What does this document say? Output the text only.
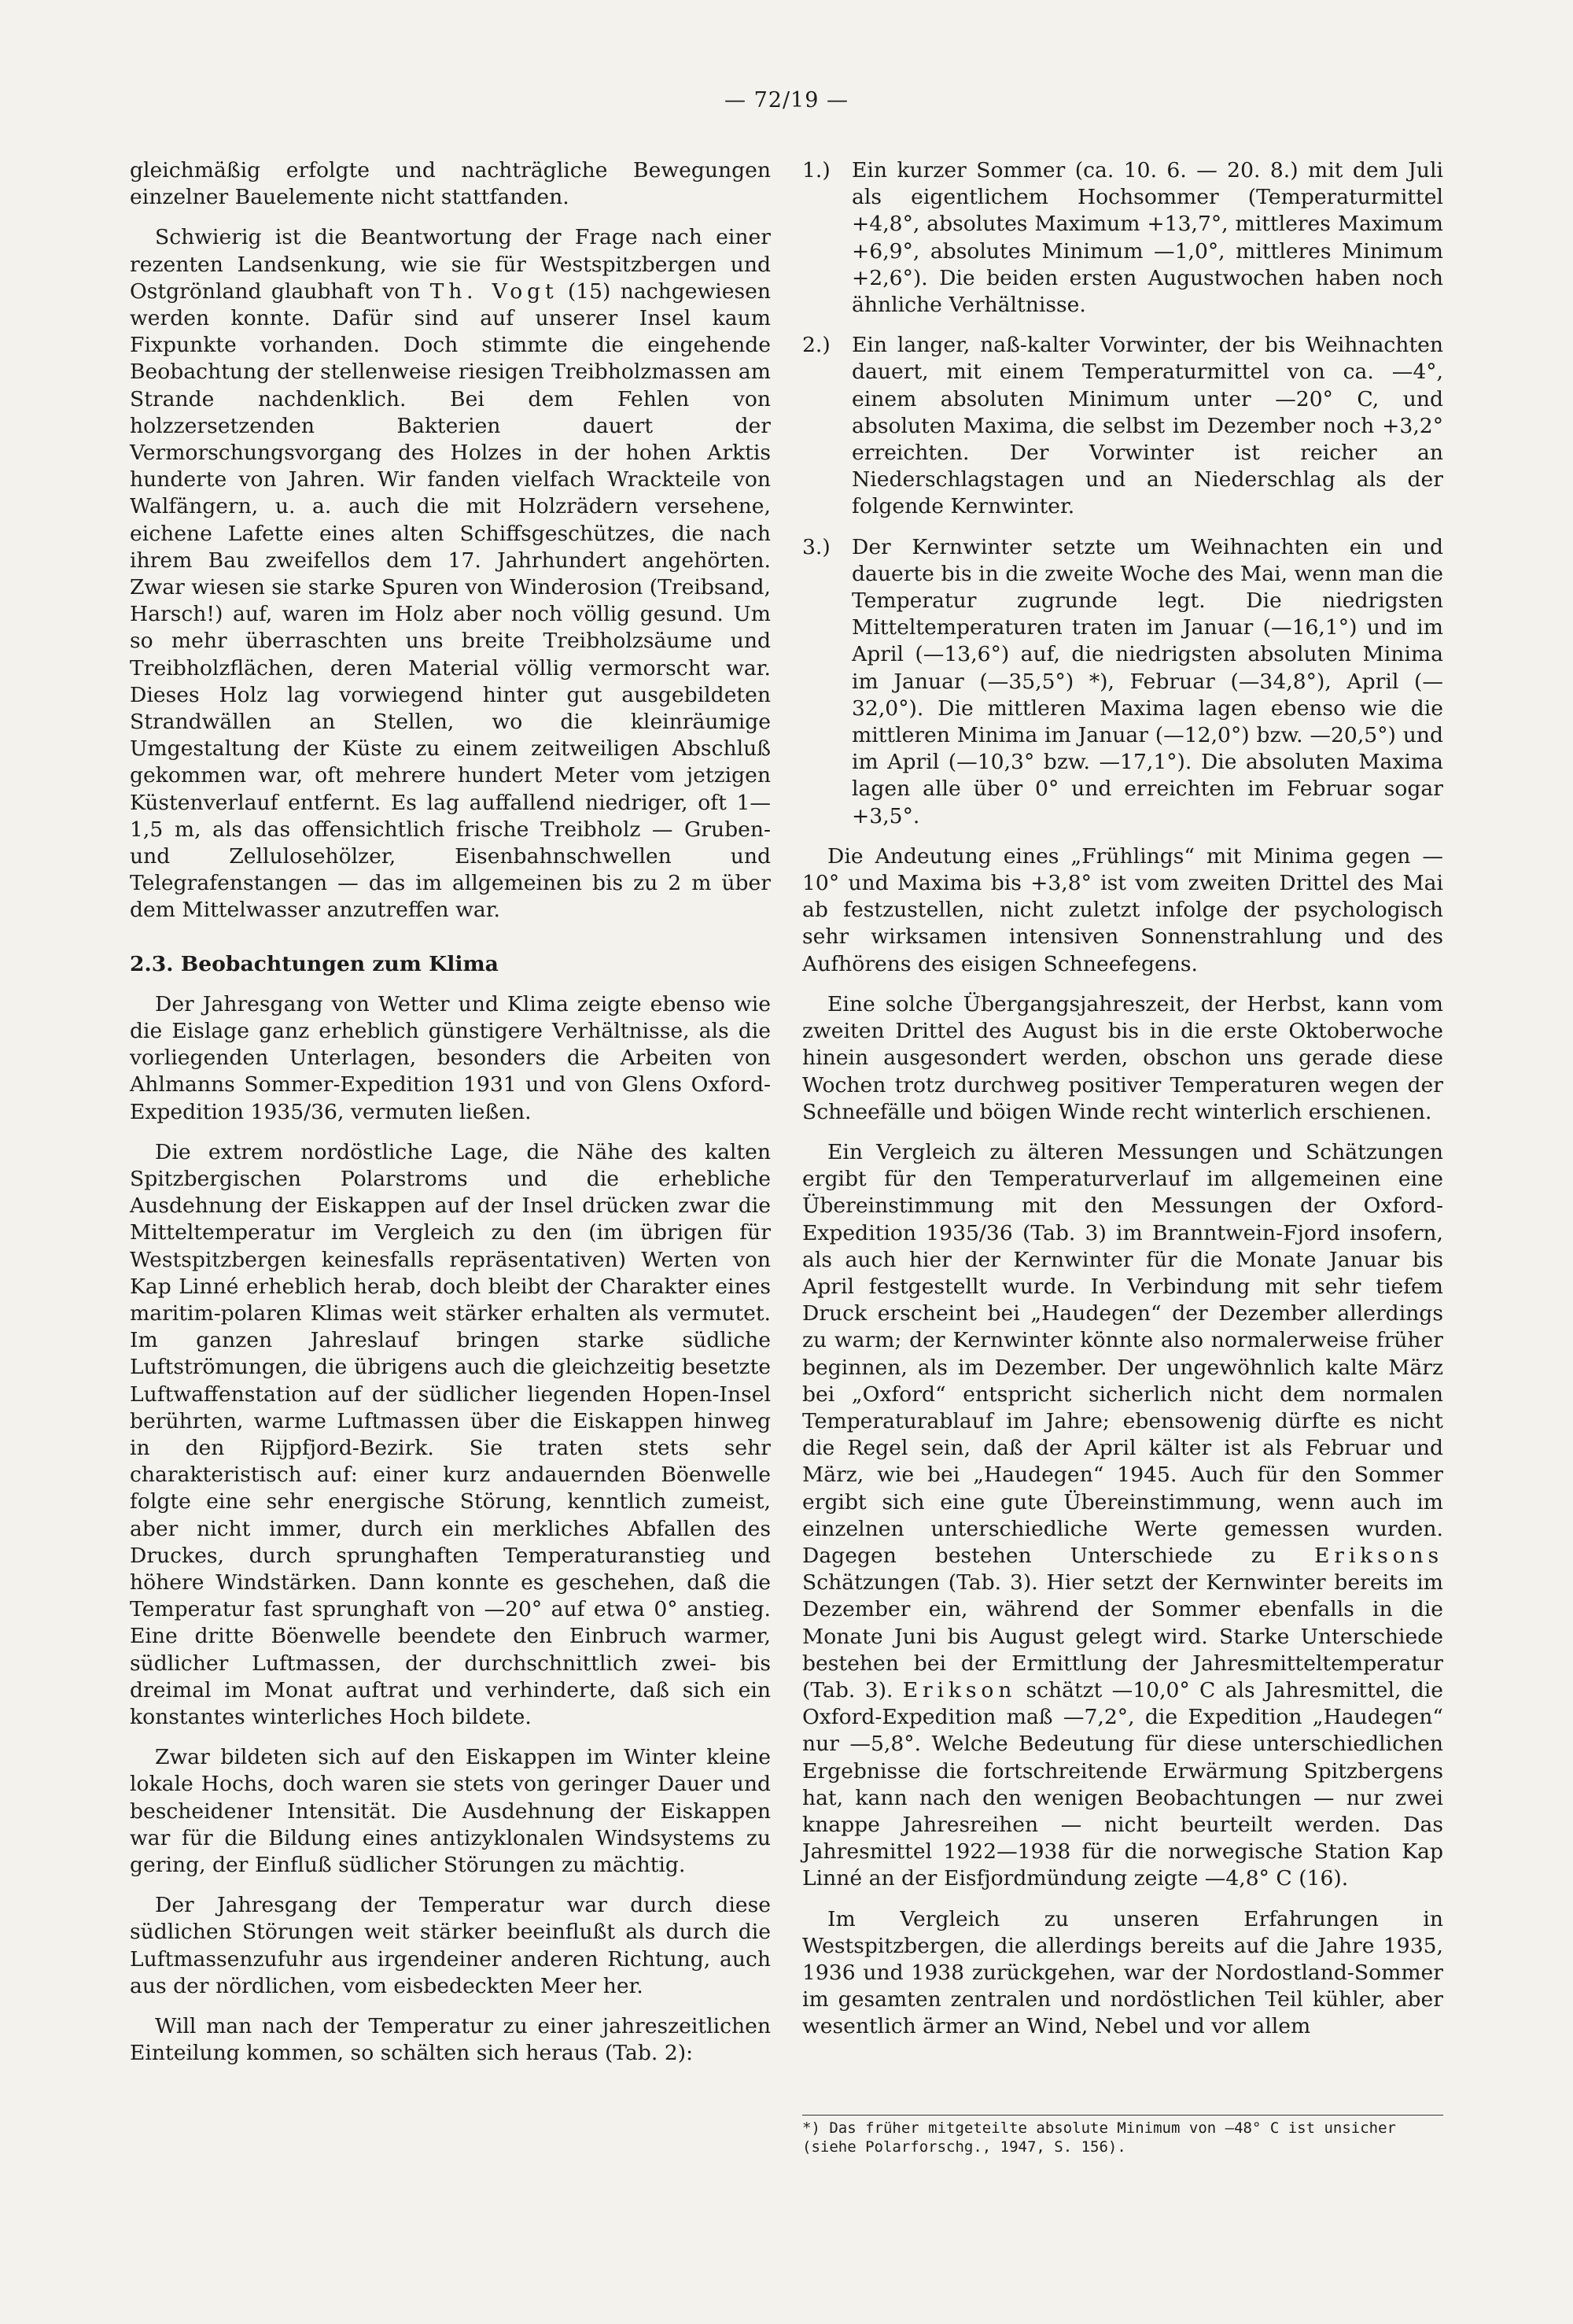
— 72/19 —

gleichmäßig erfolgte und nachträgliche Bewegungen einzelner Bauelemente nicht stattfanden.

Schwierig ist die Beantwortung der Frage nach einer rezenten Landsenkung, wie sie für Westspitzbergen und Ostgrönland glaubhaft von Th. Vogt (15) nachgewiesen werden konnte. Dafür sind auf unserer Insel kaum Fixpunkte vorhanden. Doch stimmte die eingehende Beobachtung der stellenweise riesigen Treibholzmassen am Strande nachdenklich. Bei dem Fehlen von holzzersetzenden Bakterien dauert der Vermorschungsvorgang des Holzes in der hohen Arktis hunderte von Jahren. Wir fanden vielfach Wrackteile von Walfängern, u. a. auch die mit Holzrädern versehene, eichene Lafette eines alten Schiffsgeschützes, die nach ihrem Bau zweifellos dem 17. Jahrhundert angehörten. Zwar wiesen sie starke Spuren von Winderosion (Treibsand, Harsch!) auf, waren im Holz aber noch völlig gesund. Um so mehr überraschten uns breite Treibholzsäume und Treibholzflächen, deren Material völlig vermorscht war. Dieses Holz lag vorwiegend hinter gut ausgebildeten Strandwällen an Stellen, wo die kleinräumige Umgestaltung der Küste zu einem zeitweiligen Abschluß gekommen war, oft mehrere hundert Meter vom jetzigen Küstenverlauf entfernt. Es lag auffallend niedriger, oft 1—1,5 m, als das offensichtlich frische Treibholz — Gruben- und Zellulosehölzer, Eisenbahnschwellen und Telegrafenstangen — das im allgemeinen bis zu 2 m über dem Mittelwasser anzutreffen war.

2.3. Beobachtungen zum Klima

Der Jahresgang von Wetter und Klima zeigte ebenso wie die Eislage ganz erheblich günstigere Verhältnisse, als die vorliegenden Unterlagen, besonders die Arbeiten von Ahlmanns Sommer-Expedition 1931 und von Glens Oxford-Expedition 1935/36, vermuten ließen.

Die extrem nordöstliche Lage, die Nähe des kalten Spitzbergischen Polarstroms und die erhebliche Ausdehnung der Eiskappen auf der Insel drücken zwar die Mitteltemperatur im Vergleich zu den (im übrigen für Westspitzbergen keinesfalls repräsentativen) Werten von Kap Linné erheblich herab, doch bleibt der Charakter eines maritim-polaren Klimas weit stärker erhalten als vermutet. Im ganzen Jahreslauf bringen starke südliche Luftströmungen, die übrigens auch die gleichzeitig besetzte Luftwaffenstation auf der südlicher liegenden Hopen-Insel berührten, warme Luftmassen über die Eiskappen hinweg in den Rijpfjord-Bezirk. Sie traten stets sehr charakteristisch auf: einer kurz andauernden Böenwelle folgte eine sehr energische Störung, kenntlich zumeist, aber nicht immer, durch ein merkliches Abfallen des Druckes, durch sprunghaften Temperaturanstieg und höhere Windstärken. Dann konnte es geschehen, daß die Temperatur fast sprunghaft von —20° auf etwa 0° anstieg. Eine dritte Böenwelle beendete den Einbruch warmer, südlicher Luftmassen, der durchschnittlich zwei- bis dreimal im Monat auftrat und verhinderte, daß sich ein konstantes winterliches Hoch bildete.

Zwar bildeten sich auf den Eiskappen im Winter kleine lokale Hochs, doch waren sie stets von geringer Dauer und bescheidener Intensität. Die Ausdehnung der Eiskappen war für die Bildung eines antizyklonalen Windsystems zu gering, der Einfluß südlicher Störungen zu mächtig.

Der Jahresgang der Temperatur war durch diese südlichen Störungen weit stärker beeinflußt als durch die Luftmassenzufuhr aus irgendeiner anderen Richtung, auch aus der nördlichen, vom eisbedeckten Meer her.

Will man nach der Temperatur zu einer jahreszeitlichen Einteilung kommen, so schälten sich heraus (Tab. 2):

1.)	Ein kurzer Sommer (ca. 10. 6. — 20. 8.) mit dem Juli als eigentlichem Hochsommer (Temperaturmittel +4,8°, absolutes Maximum +13,7°, mittleres Maximum +6,9°, absolutes Minimum —1,0°, mittleres Minimum +2,6°). Die beiden ersten Augustwochen haben noch ähnliche Verhältnisse.
2.)	Ein langer, naß-kalter Vorwinter, der bis Weihnachten dauert, mit einem Temperaturmittel von ca. —4°, einem absoluten Minimum unter —20° C, und absoluten Maxima, die selbst im Dezember noch +3,2° erreichten. Der Vorwinter ist reicher an Niederschlagstagen und an Niederschlag als der folgende Kernwinter.
3.)	Der Kernwinter setzte um Weihnachten ein und dauerte bis in die zweite Woche des Mai, wenn man die Temperatur zugrunde legt. Die niedrigsten Mitteltemperaturen traten im Januar (—16,1°) und im April (—13,6°) auf, die niedrigsten absoluten Minima im Januar (—35,5°) *), Februar (—34,8°), April (—32,0°). Die mittleren Maxima lagen ebenso wie die mittleren Minima im Januar (—12,0°) bzw. —20,5°) und im April (—10,3° bzw. —17,1°). Die absoluten Maxima lagen alle über 0° und erreichten im Februar sogar +3,5°.

Die Andeutung eines „Frühlings“ mit Minima gegen —10° und Maxima bis +3,8° ist vom zweiten Drittel des Mai ab festzustellen, nicht zuletzt infolge der psychologisch sehr wirksamen intensiven Sonnenstrahlung und des Aufhörens des eisigen Schneefegens.

Eine solche Übergangsjahreszeit, der Herbst, kann vom zweiten Drittel des August bis in die erste Oktoberwoche hinein ausgesondert werden, obschon uns gerade diese Wochen trotz durchweg positiver Temperaturen wegen der Schneefälle und böigen Winde recht winterlich erschienen.

Ein Vergleich zu älteren Messungen und Schätzungen ergibt für den Temperaturverlauf im allgemeinen eine Übereinstimmung mit den Messungen der Oxford-Expedition 1935/36 (Tab. 3) im Branntwein-Fjord insofern, als auch hier der Kernwinter für die Monate Januar bis April festgestellt wurde. In Verbindung mit sehr tiefem Druck erscheint bei „Haudegen“ der Dezember allerdings zu warm; der Kernwinter könnte also normalerweise früher beginnen, als im Dezember. Der ungewöhnlich kalte März bei „Oxford“ entspricht sicherlich nicht dem normalen Temperaturablauf im Jahre; ebensowenig dürfte es nicht die Regel sein, daß der April kälter ist als Februar und März, wie bei „Haudegen“ 1945. Auch für den Sommer ergibt sich eine gute Übereinstimmung, wenn auch im einzelnen unterschiedliche Werte gemessen wurden. Dagegen bestehen Unterschiede zu Eriksons Schätzungen (Tab. 3). Hier setzt der Kernwinter bereits im Dezember ein, während der Sommer ebenfalls in die Monate Juni bis August gelegt wird. Starke Unterschiede bestehen bei der Ermittlung der Jahresmitteltemperatur (Tab. 3). Erikson schätzt —10,0° C als Jahresmittel, die Oxford-Expedition maß —7,2°, die Expedition „Haudegen“ nur —5,8°. Welche Bedeutung für diese unterschiedlichen Ergebnisse die fortschreitende Erwärmung Spitzbergens hat, kann nach den wenigen Beobachtungen — nur zwei knappe Jahresreihen — nicht beurteilt werden. Das Jahresmittel 1922—1938 für die norwegische Station Kap Linné an der Eisfjordmündung zeigte —4,8° C (16).

Im Vergleich zu unseren Erfahrungen in Westspitzbergen, die allerdings bereits auf die Jahre 1935, 1936 und 1938 zurückgehen, war der Nordostland-Sommer im gesamten zentralen und nordöstlichen Teil kühler, aber wesentlich ärmer an Wind, Nebel und vor allem

*) Das früher mitgeteilte absolute Minimum von —48° C ist unsicher (siehe Polarforschg., 1947, S. 156).
